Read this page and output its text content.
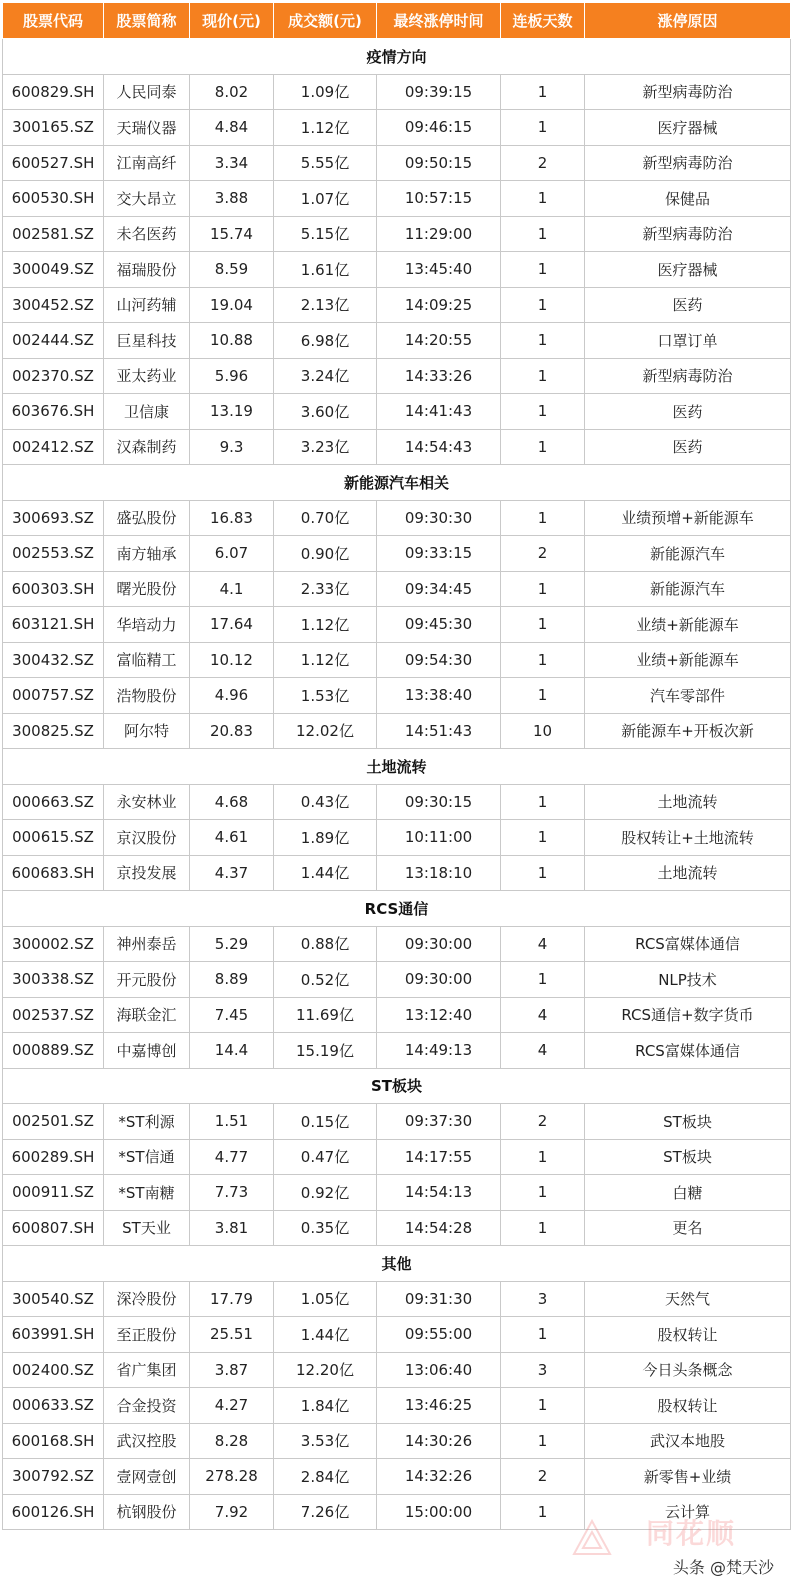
股票代码	股票简称	现价(元)	成交额(元)	最终涨停时间	连板天数	涨停原因
疫情方向						
600829.SH	人民同泰	8.02	1.09亿	09:39:15	1	新型病毒防治
300165.SZ	天瑞仪器	4.84	1.12亿	09:46:15	1	医疗器械
600527.SH	江南高纤	3.34	5.55亿	09:50:15	2	新型病毒防治
600530.SH	交大昂立	3.88	1.07亿	10:57:15	1	保健品
002581.SZ	未名医药	15.74	5.15亿	11:29:00	1	新型病毒防治
300049.SZ	福瑞股份	8.59	1.61亿	13:45:40	1	医疗器械
300452.SZ	山河药辅	19.04	2.13亿	14:09:25	1	医药
002444.SZ	巨星科技	10.88	6.98亿	14:20:55	1	口罩订单
002370.SZ	亚太药业	5.96	3.24亿	14:33:26	1	新型病毒防治
603676.SH	卫信康	13.19	3.60亿	14:41:43	1	医药
002412.SZ	汉森制药	9.3	3.23亿	14:54:43	1	医药
新能源汽车相关						
300693.SZ	盛弘股份	16.83	0.70亿	09:30:30	1	业绩预增+新能源车
002553.SZ	南方轴承	6.07	0.90亿	09:33:15	2	新能源汽车
600303.SH	曙光股份	4.1	2.33亿	09:34:45	1	新能源汽车
603121.SH	华培动力	17.64	1.12亿	09:45:30	1	业绩+新能源车
300432.SZ	富临精工	10.12	1.12亿	09:54:30	1	业绩+新能源车
000757.SZ	浩物股份	4.96	1.53亿	13:38:40	1	汽车零部件
300825.SZ	阿尔特	20.83	12.02亿	14:51:43	10	新能源车+开板次新
土地流转						
000663.SZ	永安林业	4.68	0.43亿	09:30:15	1	土地流转
000615.SZ	京汉股份	4.61	1.89亿	10:11:00	1	股权转让+土地流转
600683.SH	京投发展	4.37	1.44亿	13:18:10	1	土地流转
RCS通信						
300002.SZ	神州泰岳	5.29	0.88亿	09:30:00	4	RCS富媒体通信
300338.SZ	开元股份	8.89	0.52亿	09:30:00	1	NLP技术
002537.SZ	海联金汇	7.45	11.69亿	13:12:40	4	RCS通信+数字货币
000889.SZ	中嘉博创	14.4	15.19亿	14:49:13	4	RCS富媒体通信
ST板块						
002501.SZ	*ST利源	1.51	0.15亿	09:37:30	2	ST板块
600289.SH	*ST信通	4.77	0.47亿	14:17:55	1	ST板块
000911.SZ	*ST南糖	7.73	0.92亿	14:54:13	1	白糖
600807.SH	ST天业	3.81	0.35亿	14:54:28	1	更名
其他						
300540.SZ	深冷股份	17.79	1.05亿	09:31:30	3	天然气
603991.SH	至正股份	25.51	1.44亿	09:55:00	1	股权转让
002400.SZ	省广集团	3.87	12.20亿	13:06:40	3	今日头条概念
000633.SZ	合金投资	4.27	1.84亿	13:46:25	1	股权转让
600168.SH	武汉控股	8.28	3.53亿	14:30:26	1	武汉本地股
300792.SZ	壹网壹创	278.28	2.84亿	14:32:26	2	新零售+业绩
600126.SH	杭钢股份	7.92	7.26亿	15:00:00	1	云计算
同花顺
头条 @梵天沙
